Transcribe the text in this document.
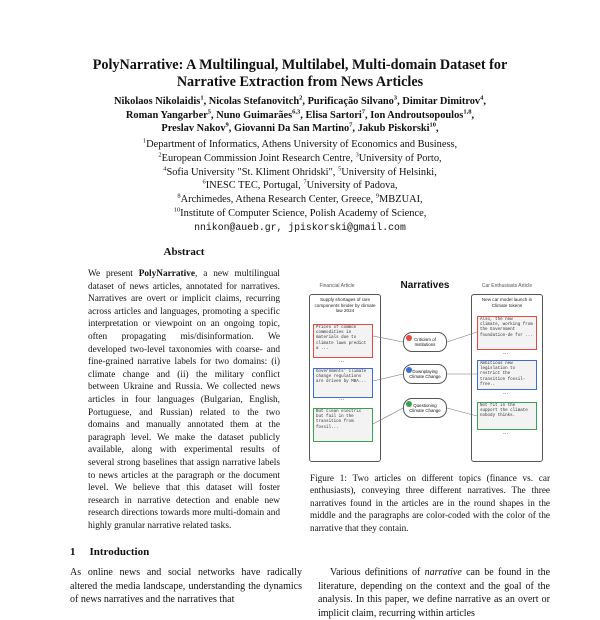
PolyNarrative: A Multilingual, Multilabel, Multi-domain Dataset for
Narrative Extraction from News Articles
Nikolaos Nikolaidis$^1$, Nicolas Stefanovitch$^2$, Purificação Silvano$^3$, Dimitar Dimitrov$^4$,
Roman Yangarber$^5$, Nuno Guimarães$^{6,3}$, Elisa Sartori$^7$, Ion Androutsopoulos$^{1,8}$,
Preslav Nakov$^9$, Giovanni Da San Martino$^7$, Jakub Piskorski$^{10}$,
$^1$Department of Informatics, Athens University of Economics and Business,
$^2$European Commission Joint Research Centre, $^3$University of Porto,
$^4$Sofia University "St. Kliment Ohridski", $^5$University of Helsinki,
$^6$INESC TEC, Portugal, $^7$University of Padova,
$^8$Archimedes, Athena Research Center, Greece, $^9$MBZUAI,
$^{10}$Institute of Computer Science, Polish Academy of Science,
nnikon@aueb.gr, jpiskorski@gmail.com
Abstract
We present PolyNarrative, a new multilingual dataset of news articles, annotated for narratives. Narratives are overt or implicit claims, recurring across articles and languages, promoting a specific interpretation or viewpoint on an ongoing topic, often propagating mis/disinformation. We developed two-level taxonomies with coarse- and fine-grained narrative labels for two domains: (i) climate change and (ii) the military conflict between Ukraine and Russia. We collected news articles in four languages (Bulgarian, English, Portuguese, and Russian) related to the two domains and manually annotated them at the paragraph level. We make the dataset publicly available, along with experimental results of several strong baselines that assign narrative labels to news articles at the paragraph or the document level. We believe that this dataset will foster research in narrative detection and enable new research directions towards more multi-domain and highly granular narrative related tasks.
1 Introduction
As online news and social networks have radically altered the media landscape, understanding the dynamics of news narratives and the narratives that
Various definitions of narrative can be found in the literature, depending on the context and the goal of the analysis. In this paper, we define narrative as an overt or implicit claim, recurring within articles
Narratives
Financial Article	Car Enthusiasts Article
Supply shortages of rare components hinder by climate law 2024
Prices of common commodities in materials due to climate laws predict a ...
...
Governments' climate change regulations are driven by MBA...
...
But clean electric but fail in the transition from fossil...
New car model launch in Climate tokens
Also, the new climate, working from the Government foundation-de for ...
...
Ambitious new legislation to restrict the transition fossil-free..
...
Not fit in the support the climate nobody thinks.
...
Criticism of Institutions
Downplaying Climate Change
Questioning Climate Change
Figure 1: Two articles on different topics (finance vs. car enthusiasts), conveying three different narratives. The three narratives found in the articles are in the round shapes in the middle and the paragraphs are color-coded with the color of the narrative that they contain.
